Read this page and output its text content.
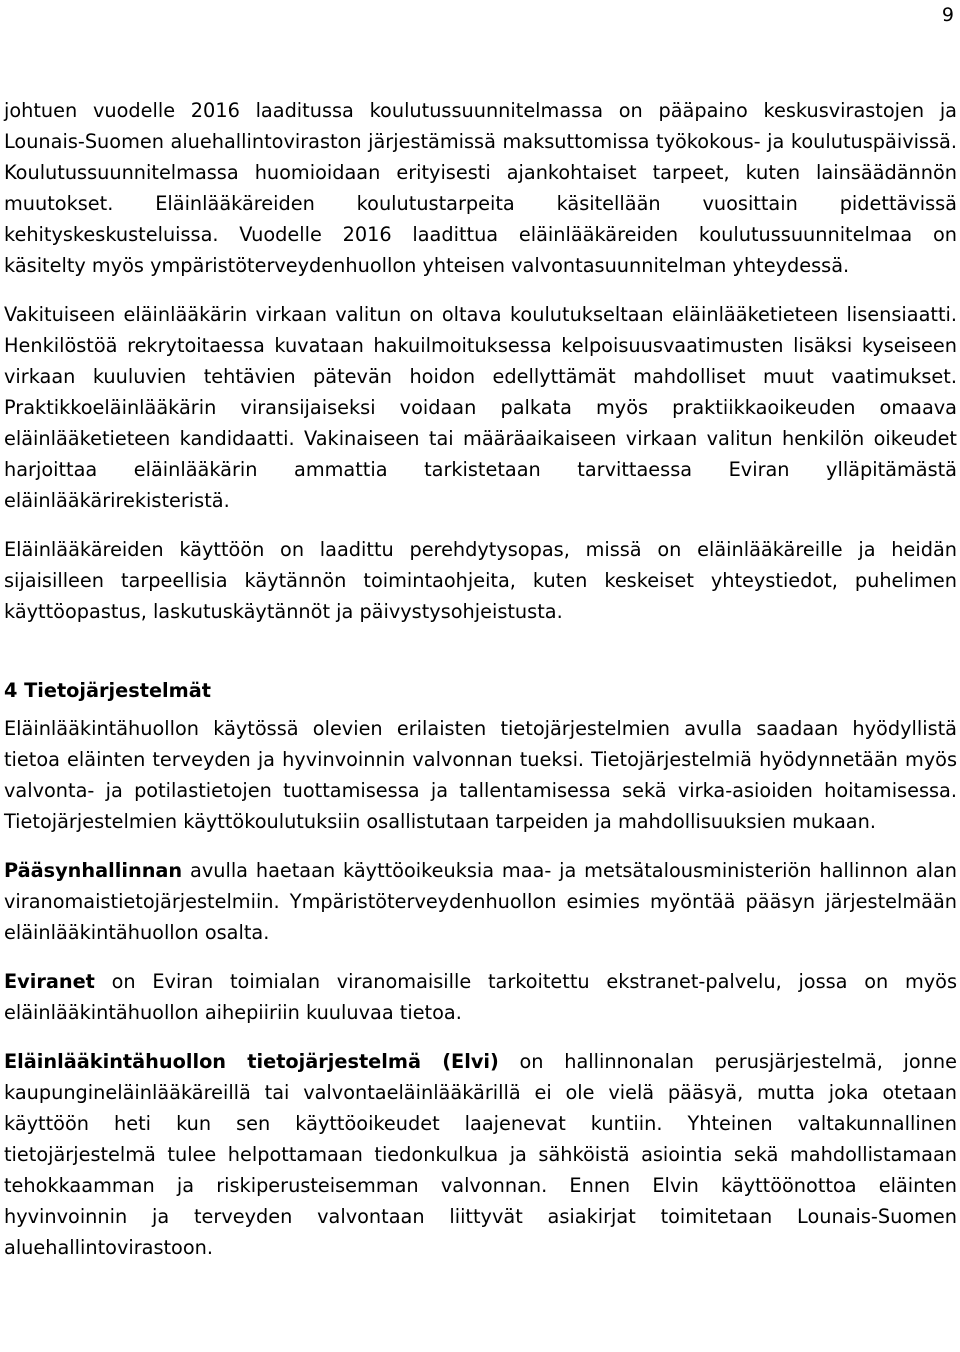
9

johtuen vuodelle 2016 laaditussa koulutussuunnitelmassa on pääpaino keskusvirastojen ja Lounais-Suomen aluehallintoviraston järjestämissä maksuttomissa työkokous- ja koulutuspäivissä. Koulutussuunnitelmassa huomioidaan erityisesti ajankohtaiset tarpeet, kuten lainsäädännön muutokset. Eläinlääkäreiden koulutustarpeita käsitellään vuosittain pidettävissä kehityskeskusteluissa. Vuodelle 2016 laadittua eläinlääkäreiden koulutussuunnitelmaa on käsitelty myös ympäristöterveydenhuollon yhteisen valvontasuunnitelman yhteydessä.

Vakituiseen eläinlääkärin virkaan valitun on oltava koulutukseltaan eläinlääketieteen lisensiaatti. Henkilöstöä rekrytoitaessa kuvataan hakuilmoituksessa kelpoisuusvaatimusten lisäksi kyseiseen virkaan kuuluvien tehtävien pätevän hoidon edellyttämät mahdolliset muut vaatimukset. Praktikkoeläinlääkärin viransijaiseksi voidaan palkata myös praktiikkaoikeuden omaava eläinlääketieteen kandidaatti. Vakinaiseen tai määräaikaiseen virkaan valitun henkilön oikeudet harjoittaa eläinlääkärin ammattia tarkistetaan tarvittaessa Eviran ylläpitämästä eläinlääkärirekisteristä.

Eläinlääkäreiden käyttöön on laadittu perehdytysopas, missä on eläinlääkäreille ja heidän sijaisilleen tarpeellisia käytännön toimintaohjeita, kuten keskeiset yhteystiedot, puhelimen käyttöopastus, laskutuskäytännöt ja päivystysohjeistusta.

4 Tietojärjestelmät

Eläinlääkintähuollon käytössä olevien erilaisten tietojärjestelmien avulla saadaan hyödyllistä tietoa eläinten terveyden ja hyvinvoinnin valvonnan tueksi. Tietojärjestelmiä hyödynnetään myös valvonta- ja potilastietojen tuottamisessa ja tallentamisessa sekä virka-asioiden hoitamisessa. Tietojärjestelmien käyttökoulutuksiin osallistutaan tarpeiden ja mahdollisuuksien mukaan.

Pääsynhallinnan avulla haetaan käyttöoikeuksia maa- ja metsätalousministeriön hallinnon alan viranomaistietojärjestelmiin. Ympäristöterveydenhuollon esimies myöntää pääsyn järjestelmään eläinlääkintähuollon osalta.

Eviranet on Eviran toimialan viranomaisille tarkoitettu ekstranet-palvelu, jossa on myös eläinlääkintähuollon aihepiiriin kuuluvaa tietoa.

Eläinlääkintähuollon tietojärjestelmä (Elvi) on hallinnonalan perusjärjestelmä, jonne kaupungineläinlääkäreillä tai valvontaeläinlääkärillä ei ole vielä pääsyä, mutta joka otetaan käyttöön heti kun sen käyttöoikeudet laajenevat kuntiin. Yhteinen valtakunnallinen tietojärjestelmä tulee helpottamaan tiedonkulkua ja sähköistä asiointia sekä mahdollistamaan tehokkaamman ja riskiperusteisemman valvonnan. Ennen Elvin käyttöönottoa eläinten hyvinvoinnin ja terveyden valvontaan liittyvät asiakirjat toimitetaan Lounais-Suomen aluehallintovirastoon.
